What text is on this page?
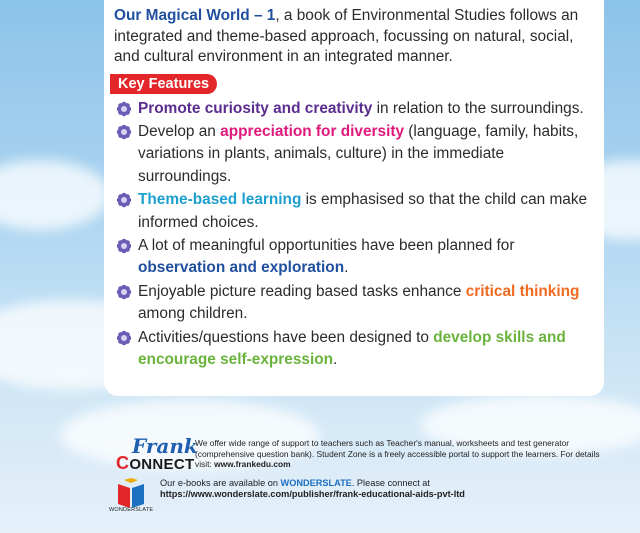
Our Magical World – 1, a book of Environmental Studies follows an integrated and theme-based approach, focussing on natural, social, and cultural environment in an integrated manner.

Key Features
Promote curiosity and creativity in relation to the surroundings.
Develop an appreciation for diversity (language, family, habits, variations in plants, animals, culture) in the immediate surroundings.
Theme-based learning is emphasised so that the child can make informed choices.
A lot of meaningful opportunities have been planned for observation and exploration.
Enjoyable picture reading based tasks enhance critical thinking among children.
Activities/questions have been designed to develop skills and encourage self-expression.
Frank
CONNECT
We offer wide range of support to teachers such as Teacher's manual, worksheets and test generator (comprehensive question bank). Student Zone is a freely accessible portal to support the learners. For details visit: www.frankedu.com
WONDERSLATE
Our e-books are available on WONDERSLATE. Please connect at
https://www.wonderslate.com/publisher/frank-educational-aids-pvt-ltd
